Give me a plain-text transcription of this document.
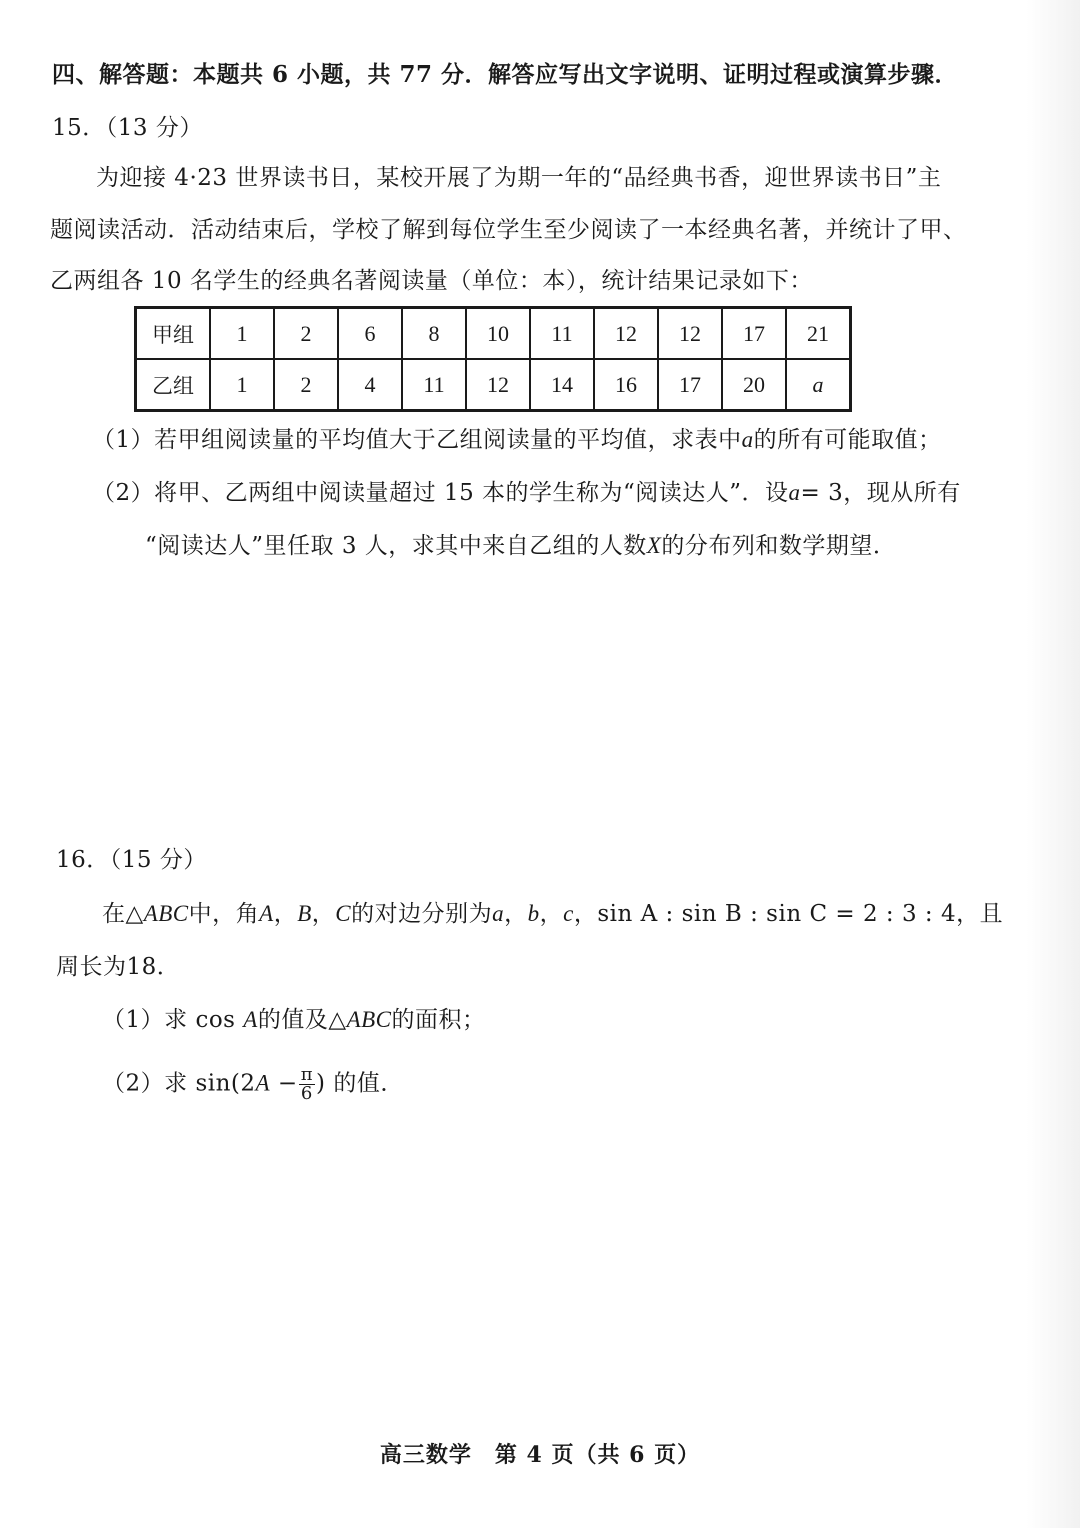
四、解答题：本题共 6 小题，共 77 分．解答应写出文字说明、证明过程或演算步骤．
15．（13 分）
为迎接 4·23 世界读书日，某校开展了为期一年的“品经典书香，迎世界读书日”主
题阅读活动．活动结束后，学校了解到每位学生至少阅读了一本经典名著，并统计了甲、
乙两组各 10 名学生的经典名著阅读量（单位：本），统计结果记录如下：
甲组	1	2	6	8	10	11	12	12	17	21
乙组	1	2	4	11	12	14	16	17	20	a
（1）若甲组阅读量的平均值大于乙组阅读量的平均值，求表中a的所有可能取值；
（2）将甲、乙两组中阅读量超过 15 本的学生称为“阅读达人”．设a= 3，现从所有
“阅读达人”里任取 3 人，求其中来自乙组的人数X的分布列和数学期望．
16．（15 分）
在△ABC中，角A，B，C的对边分别为a，b，c，sin A : sin B : sin C = 2 : 3 : 4，且
周长为18．
（1）求 cos A的值及△ABC的面积；
（2）求 $\sin(2A - \frac{\pi}{6}$ ) 的值．
高三数学　第 4 页（共 6 页）
